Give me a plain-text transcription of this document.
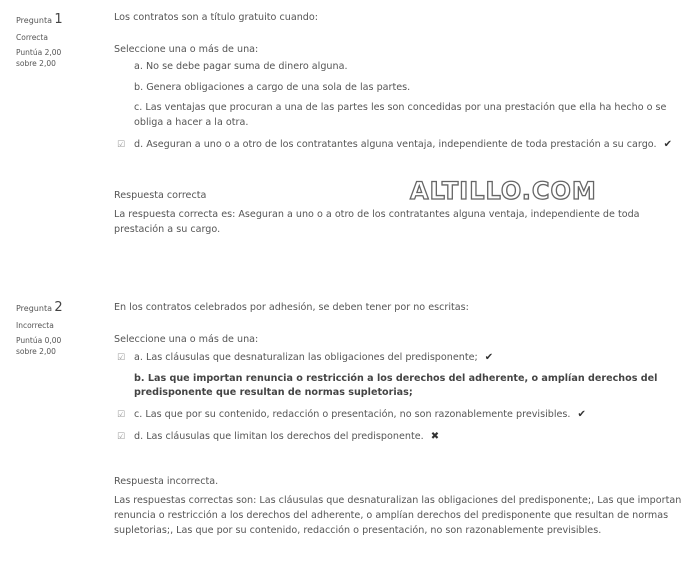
Pregunta 1
Correcta
Puntúa 2,00 sobre 2,00

Los contratos son a título gratuito cuando:

Seleccione una o más de una:

a. No se debe pagar suma de dinero alguna.
b. Genera obligaciones a cargo de una sola de las partes.
c. Las ventajas que procuran a una de las partes les son concedidas por una prestación que ella ha hecho o se obliga a hacer a la otra.
☑ d. Aseguran a uno o a otro de los contratantes alguna ventaja, independiente de toda prestación a su cargo. ✔

Respuesta correcta

La respuesta correcta es: Aseguran a uno o a otro de los contratantes alguna ventaja, independiente de toda prestación a su cargo.

ALTILLO.COM
Pregunta 2
Incorrecta
Puntúa 0,00 sobre 2,00

En los contratos celebrados por adhesión, se deben tener por no escritas:

Seleccione una o más de una:

☑ a. Las cláusulas que desnaturalizan las obligaciones del predisponente; ✔
b. Las que importan renuncia o restricción a los derechos del adherente, o amplían derechos del predisponente que resultan de normas supletorias;
☑ c. Las que por su contenido, redacción o presentación, no son razonablemente previsibles. ✔
☑ d. Las cláusulas que limitan los derechos del predisponente. ✖

Respuesta incorrecta.

Las respuestas correctas son: Las cláusulas que desnaturalizan las obligaciones del predisponente;, Las que importan renuncia o restricción a los derechos del adherente, o amplían derechos del predisponente que resultan de normas supletorias;, Las que por su contenido, redacción o presentación, no son razonablemente previsibles.
